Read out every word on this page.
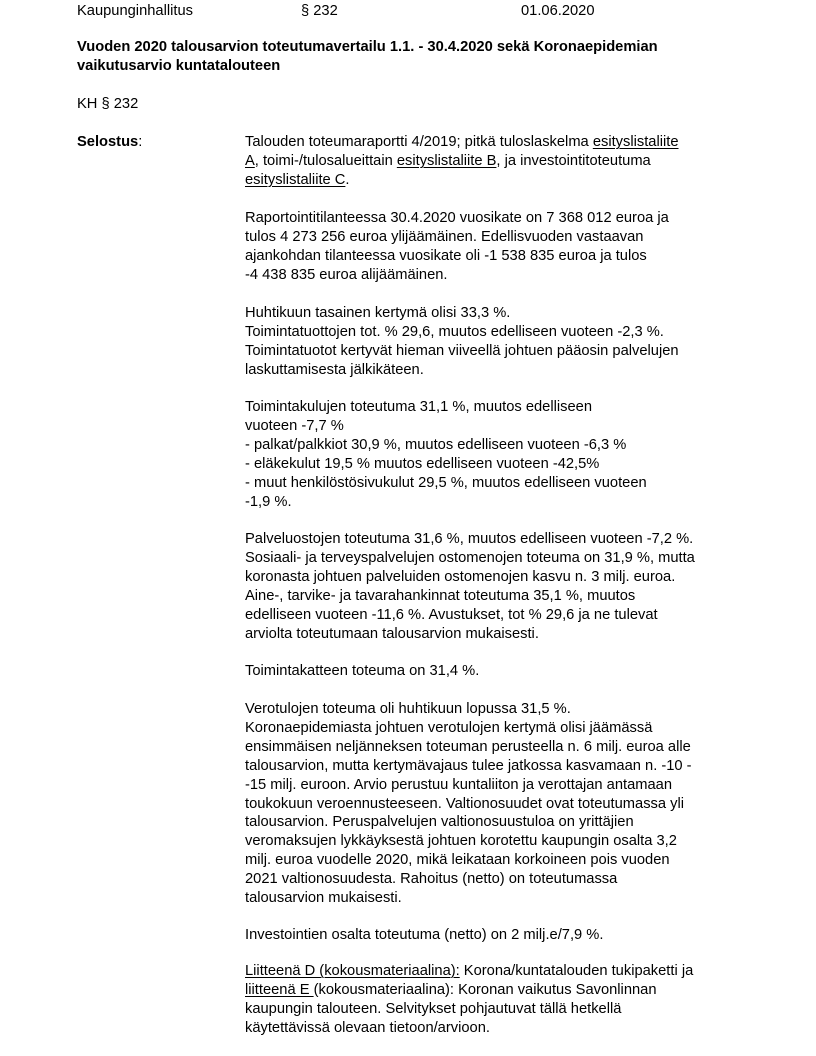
Kaupunginhallitus	§ 232	01.06.2020
Vuoden 2020 talousarvion toteutumavertailu 1.1. - 30.4.2020 sekä Koronaepidemian
vaikutusarvio kuntatalouteen
KH § 232
Selostus:	Talouden toteumaraportti 4/2019; pitkä tuloslaskelma esityslistaliite
A, toimi-/tulosalueittain esityslistaliite B, ja investointitoteutuma
esityslistaliite C.
Raportointitilanteessa 30.4.2020 vuosikate on 7 368 012 euroa ja
tulos 4 273 256 euroa ylijäämäinen. Edellisvuoden vastaavan
ajankohdan tilanteessa vuosikate oli -1 538 835 euroa ja tulos
-4 438 835 euroa alijäämäinen.
Huhtikuun tasainen kertymä olisi 33,3 %.
Toimintatuottojen tot. % 29,6, muutos edelliseen vuoteen -2,3 %.
Toimintatuotot kertyvät hieman viiveellä johtuen pääosin palvelujen
laskuttamisesta jälkikäteen.
Toimintakulujen toteutuma 31,1 %, muutos edelliseen
vuoteen -7,7 %
- palkat/palkkiot 30,9 %, muutos edelliseen vuoteen -6,3 %
- eläkekulut 19,5 % muutos edelliseen vuoteen -42,5%
- muut henkilöstösivukulut 29,5 %, muutos edelliseen vuoteen
-1,9 %.
Palveluostojen toteutuma 31,6 %, muutos edelliseen vuoteen -7,2 %.
Sosiaali- ja terveyspalvelujen ostomenojen toteuma on 31,9 %, mutta
koronasta johtuen palveluiden ostomenojen kasvu n. 3 milj. euroa.
Aine-, tarvike- ja tavarahankinnat toteutuma 35,1 %, muutos
edelliseen vuoteen -11,6 %. Avustukset, tot % 29,6 ja ne tulevat
arviolta toteutumaan talousarvion mukaisesti.
Toimintakatteen toteuma on 31,4 %.
Verotulojen toteuma oli huhtikuun lopussa 31,5 %.
Koronaepidemiasta johtuen verotulojen kertymä olisi jäämässä
ensimmäisen neljänneksen toteuman perusteella n. 6 milj. euroa alle
talousarvion, mutta kertymävajaus tulee jatkossa kasvamaan n. -10 -
-15 milj. euroon. Arvio perustuu kuntaliiton ja verottajan antamaan
toukokuun veroennusteeseen. Valtionosuudet ovat toteutumassa yli
talousarvion. Peruspalvelujen valtionosuustuloa on yrittäjien
veromaksujen lykkäyksestä johtuen korotettu kaupungin osalta 3,2
milj. euroa vuodelle 2020, mikä leikataan korkoineen pois vuoden
2021 valtionosuudesta. Rahoitus (netto) on toteutumassa
talousarvion mukaisesti.
Investointien osalta toteutuma (netto) on 2 milj.e/7,9 %.
Liitteenä D (kokousmateriaalina): Korona/kuntatalouden tukipaketti ja
liitteenä E (kokousmateriaalina): Koronan vaikutus Savonlinnan
kaupungin talouteen. Selvitykset pohjautuvat tällä hetkellä
käytettävissä olevaan tietoon/arvioon.
